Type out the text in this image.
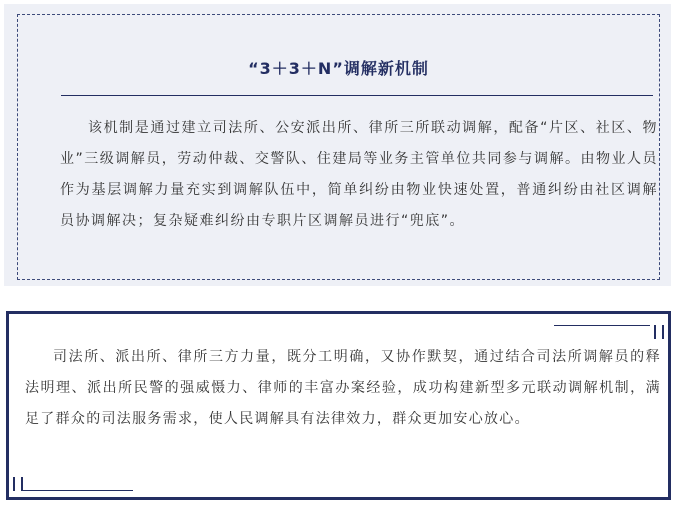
“3＋3＋N”调解新机制

该机制是通过建立司法所、公安派出所、律所三所联动调解，配备“片区、社区、物业”三级调解员，劳动仲裁、交警队、住建局等业务主管单位共同参与调解。由物业人员作为基层调解力量充实到调解队伍中，简单纠纷由物业快速处置，普通纠纷由社区调解员协调解决；复杂疑难纠纷由专职片区调解员进行“兜底”。

司法所、派出所、律所三方力量，既分工明确，又协作默契，通过结合司法所调解员的释法明理、派出所民警的强威慑力、律师的丰富办案经验，成功构建新型多元联动调解机制，满足了群众的司法服务需求，使人民调解具有法律效力，群众更加安心放心。
